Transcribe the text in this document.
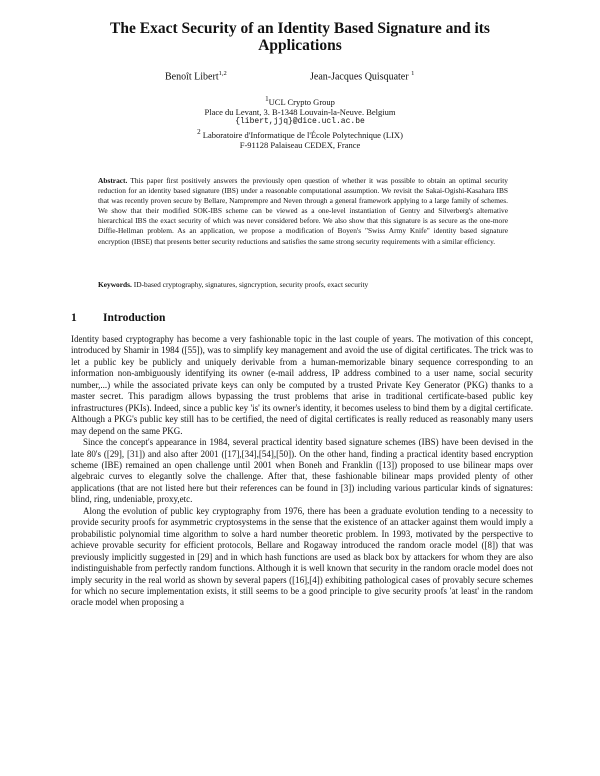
The Exact Security of an Identity Based Signature and its Applications
Benoît Libert$^{1,2}$	Jean-Jacques Quisquater $^1$
$^1$UCL Crypto Group
Place du Levant, 3. B-1348 Louvain-la-Neuve. Belgium
{libert,jjq}@dice.ucl.ac.be
$^2$ Laboratoire d'Informatique de l'École Polytechnique (LIX)
F-91128 Palaiseau CEDEX, France
Abstract. This paper first positively answers the previously open question of whether it was possible to obtain an optimal security reduction for an identity based signature (IBS) under a reasonable computational assumption. We revisit the Sakai-Ogishi-Kasahara IBS that was recently proven secure by Bellare, Namprempre and Neven through a general framework applying to a large family of schemes. We show that their modified SOK-IBS scheme can be viewed as a one-level instantiation of Gentry and Silverberg's alternative hierarchical IBS the exact security of which was never considered before. We also show that this signature is as secure as the one-more Diffie-Hellman problem. As an application, we propose a modification of Boyen's "Swiss Army Knife" identity based signature encryption (IBSE) that presents better security reductions and satisfies the same strong security requirements with a similar efficiency.
Keywords. ID-based cryptography, signatures, signcryption, security proofs, exact security
1 Introduction

Identity based cryptography has become a very fashionable topic in the last couple of years. The motivation of this concept, introduced by Shamir in 1984 ([55]), was to simplify key management and avoid the use of digital certificates. The trick was to let a public key be publicly and uniquely derivable from a human-memorizable binary sequence corresponding to an information non-ambiguously identifying its owner (e-mail address, IP address combined to a user name, social security number,...) while the associated private keys can only be computed by a trusted Private Key Generator (PKG) thanks to a master secret. This paradigm allows bypassing the trust problems that arise in traditional certificate-based public key infrastructures (PKIs). Indeed, since a public key 'is' its owner's identity, it becomes useless to bind them by a digital certificate. Although a PKG's public key still has to be certified, the need of digital certificates is really reduced as reasonably many users may depend on the same PKG.

Since the concept's appearance in 1984, several practical identity based signature schemes (IBS) have been devised in the late 80's ([29], [31]) and also after 2001 ([17],[34],[54],[50]). On the other hand, finding a practical identity based encryption scheme (IBE) remained an open challenge until 2001 when Boneh and Franklin ([13]) proposed to use bilinear maps over algebraic curves to elegantly solve the challenge. After that, these fashionable bilinear maps provided plenty of other applications (that are not listed here but their references can be found in [3]) including various particular kinds of signatures: blind, ring, undeniable, proxy,etc.

Along the evolution of public key cryptography from 1976, there has been a graduate evolution tending to a necessity to provide security proofs for asymmetric cryptosystems in the sense that the existence of an attacker against them would imply a probabilistic polynomial time algorithm to solve a hard number theoretic problem. In 1993, motivated by the perspective to achieve provable security for efficient protocols, Bellare and Rogaway introduced the random oracle model ([8]) that was previously implicitly suggested in [29] and in which hash functions are used as black box by attackers for whom they are also indistinguishable from perfectly random functions. Although it is well known that security in the random oracle model does not imply security in the real world as shown by several papers ([16],[4]) exhibiting pathological cases of provably secure schemes for which no secure implementation exists, it still seems to be a good principle to give security proofs 'at least' in the random oracle model when proposing a
